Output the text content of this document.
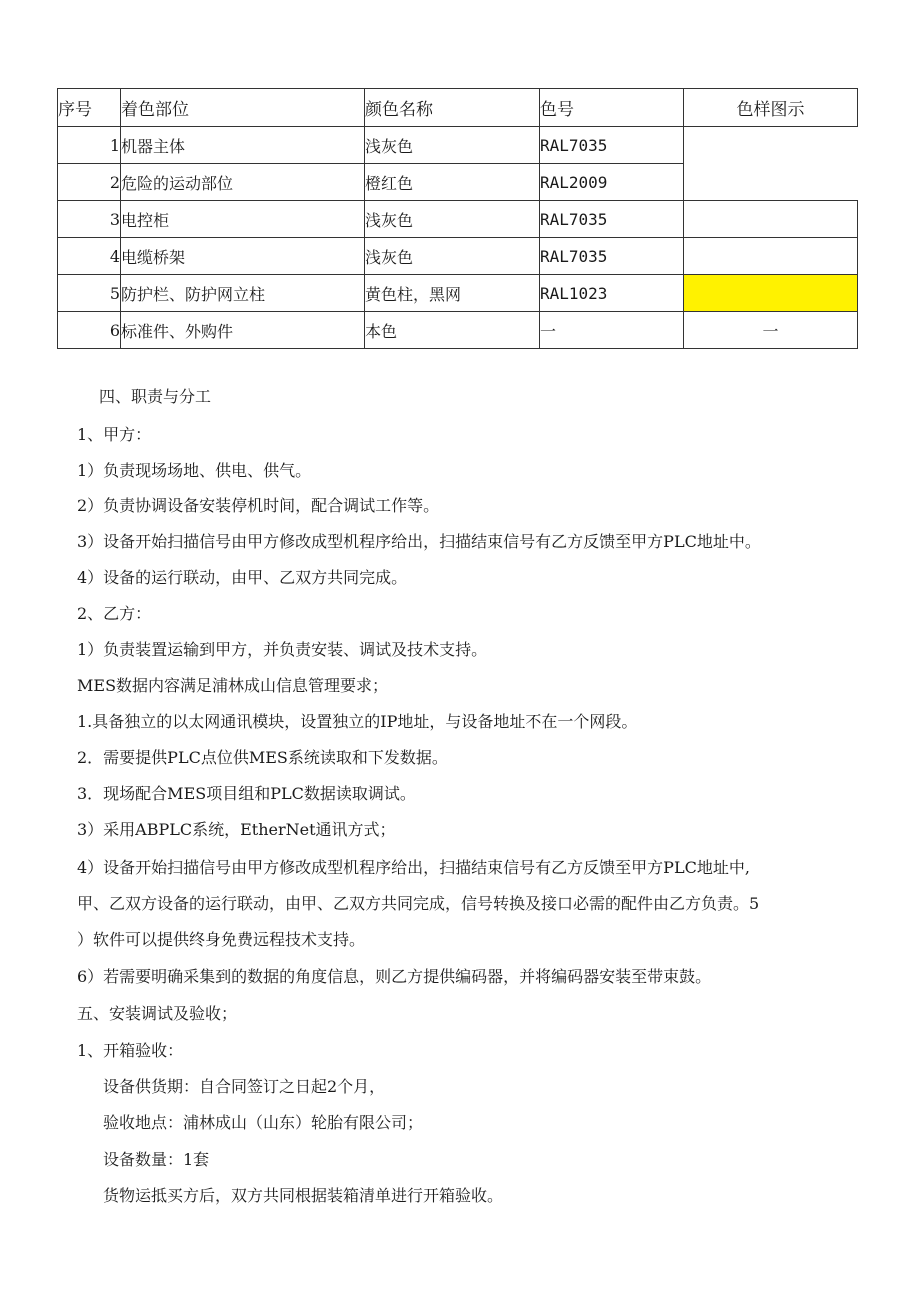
序号	着色部位	颜色名称	色号	色样图示
1	机器主体	浅灰色	RAL7035	
2	危险的运动部位	橙红色	RAL2009	
3	电控柜	浅灰色	RAL7035	
4	电缆桥架	浅灰色	RAL7035	
5	防护栏、防护网立柱	黄色柱，黑网	RAL1023	
6	标准件、外购件	本色	一	一
四、职责与分工
1、甲方：
1）负责现场场地、供电、供气。
2）负责协调设备安装停机时间，配合调试工作等。
3）设备开始扫描信号由甲方修改成型机程序给出，扫描结束信号有乙方反馈至甲方PLC地址中。
4）设备的运行联动，由甲、乙双方共同完成。
2、乙方：
1）负责装置运输到甲方，并负责安装、调试及技术支持。
MES数据内容满足浦林成山信息管理要求；
1.具备独立的以太网通讯模块，设置独立的IP地址，与设备地址不在一个网段。
2．需要提供PLC点位供MES系统读取和下发数据。
3．现场配合MES项目组和PLC数据读取调试。
3）采用ABPLC系统，EtherNet通讯方式；
4）设备开始扫描信号由甲方修改成型机程序给出，扫描结束信号有乙方反馈至甲方PLC地址中,
甲、乙双方设备的运行联动，由甲、乙双方共同完成，信号转换及接口必需的配件由乙方负责。5
）软件可以提供终身免费远程技术支持。
6）若需要明确采集到的数据的角度信息，则乙方提供编码器，并将编码器安装至带束鼓。
五、安装调试及验收；
1、开箱验收：
设备供货期：自合同签订之日起2个月，
验收地点：浦林成山（山东）轮胎有限公司；
设备数量：1套
货物运抵买方后，双方共同根据装箱清单进行开箱验收。
